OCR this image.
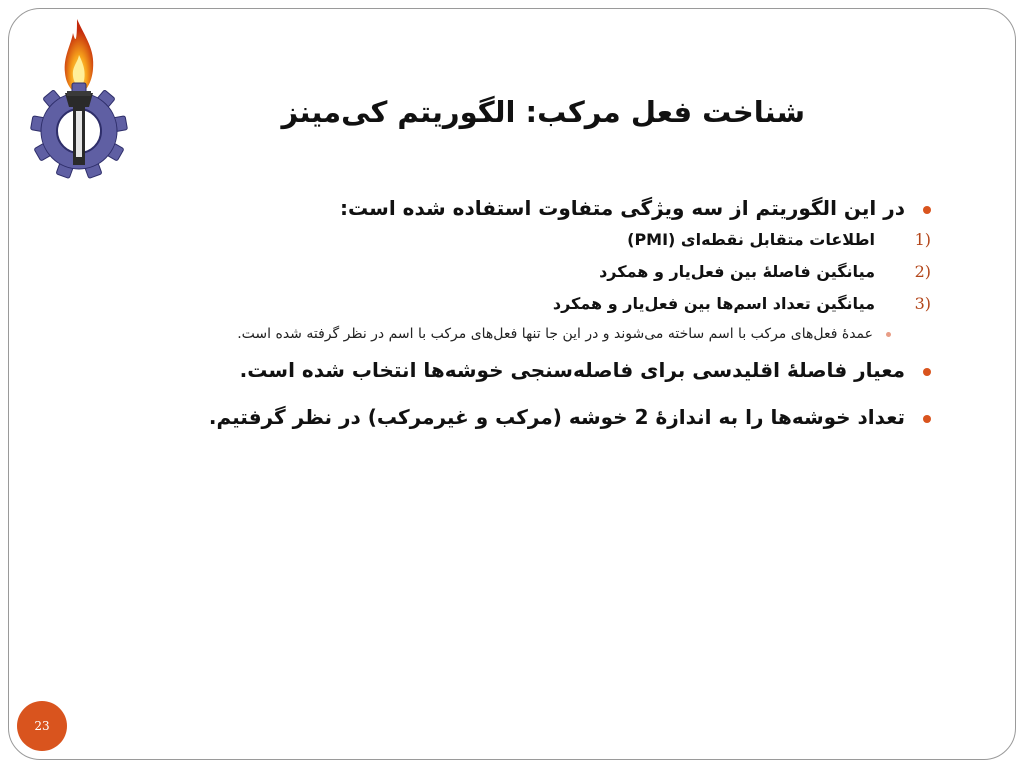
شناخت فعل مرکب: الگوریتم کی‌مینز
در این الگوریتم از سه ویژگی متفاوت استفاده شده است:
(1
اطلاعات متقابل نقطه‌ای (PMI)
(2
میانگین فاصلهٔ بین فعل‌یار و همکرد
(3
میانگین تعداد اسم‌ها بین فعل‌یار و همکرد
عمدهٔ فعل‌های مرکب با اسم ساخته می‌شوند و در این جا تنها فعل‌های مرکب با اسم در نظر گرفته شده است.
معیار فاصلهٔ اقلیدسی برای فاصله‌سنجی خوشه‌ها انتخاب شده است.
تعداد خوشه‌ها را به اندازهٔ 2 خوشه (مرکب و غیرمرکب) در نظر گرفتیم.
23
